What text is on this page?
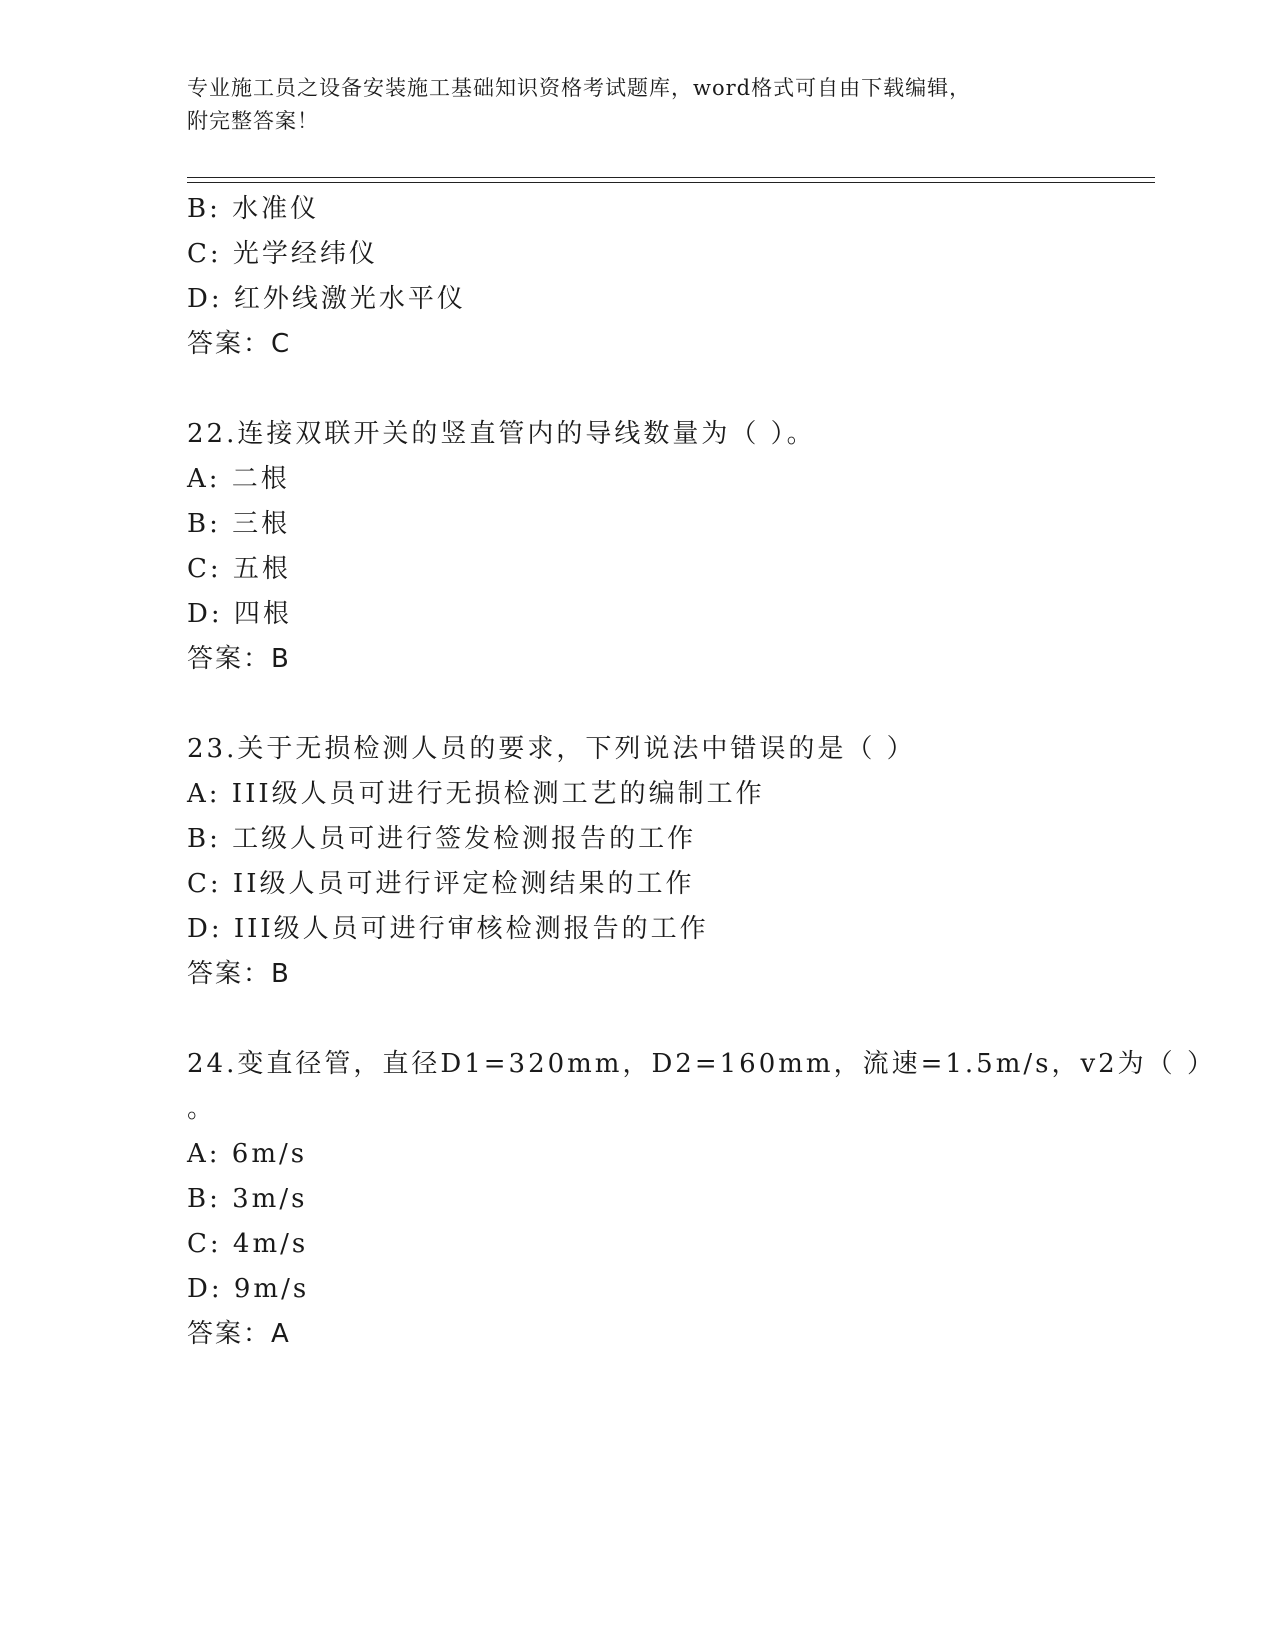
专业施工员之设备安装施工基础知识资格考试题库，word格式可自由下载编辑，
附完整答案！
B: 水准仪
C: 光学经纬仪
D: 红外线激光水平仪
答案：C
22.连接双联开关的竖直管内的导线数量为（ ）。
A: 二根
B: 三根
C: 五根
D: 四根
答案：B
23.关于无损检测人员的要求，下列说法中错误的是（ ）
A: III级人员可进行无损检测工艺的编制工作
B: 工级人员可进行签发检测报告的工作
C: II级人员可进行评定检测结果的工作
D: III级人员可进行审核检测报告的工作
答案：B
24.变直径管，直径D1=320mm，D2=160mm，流速=1.5m/s，v2为（ ）
。
A: 6m/s
B: 3m/s
C: 4m/s
D: 9m/s
答案：A
